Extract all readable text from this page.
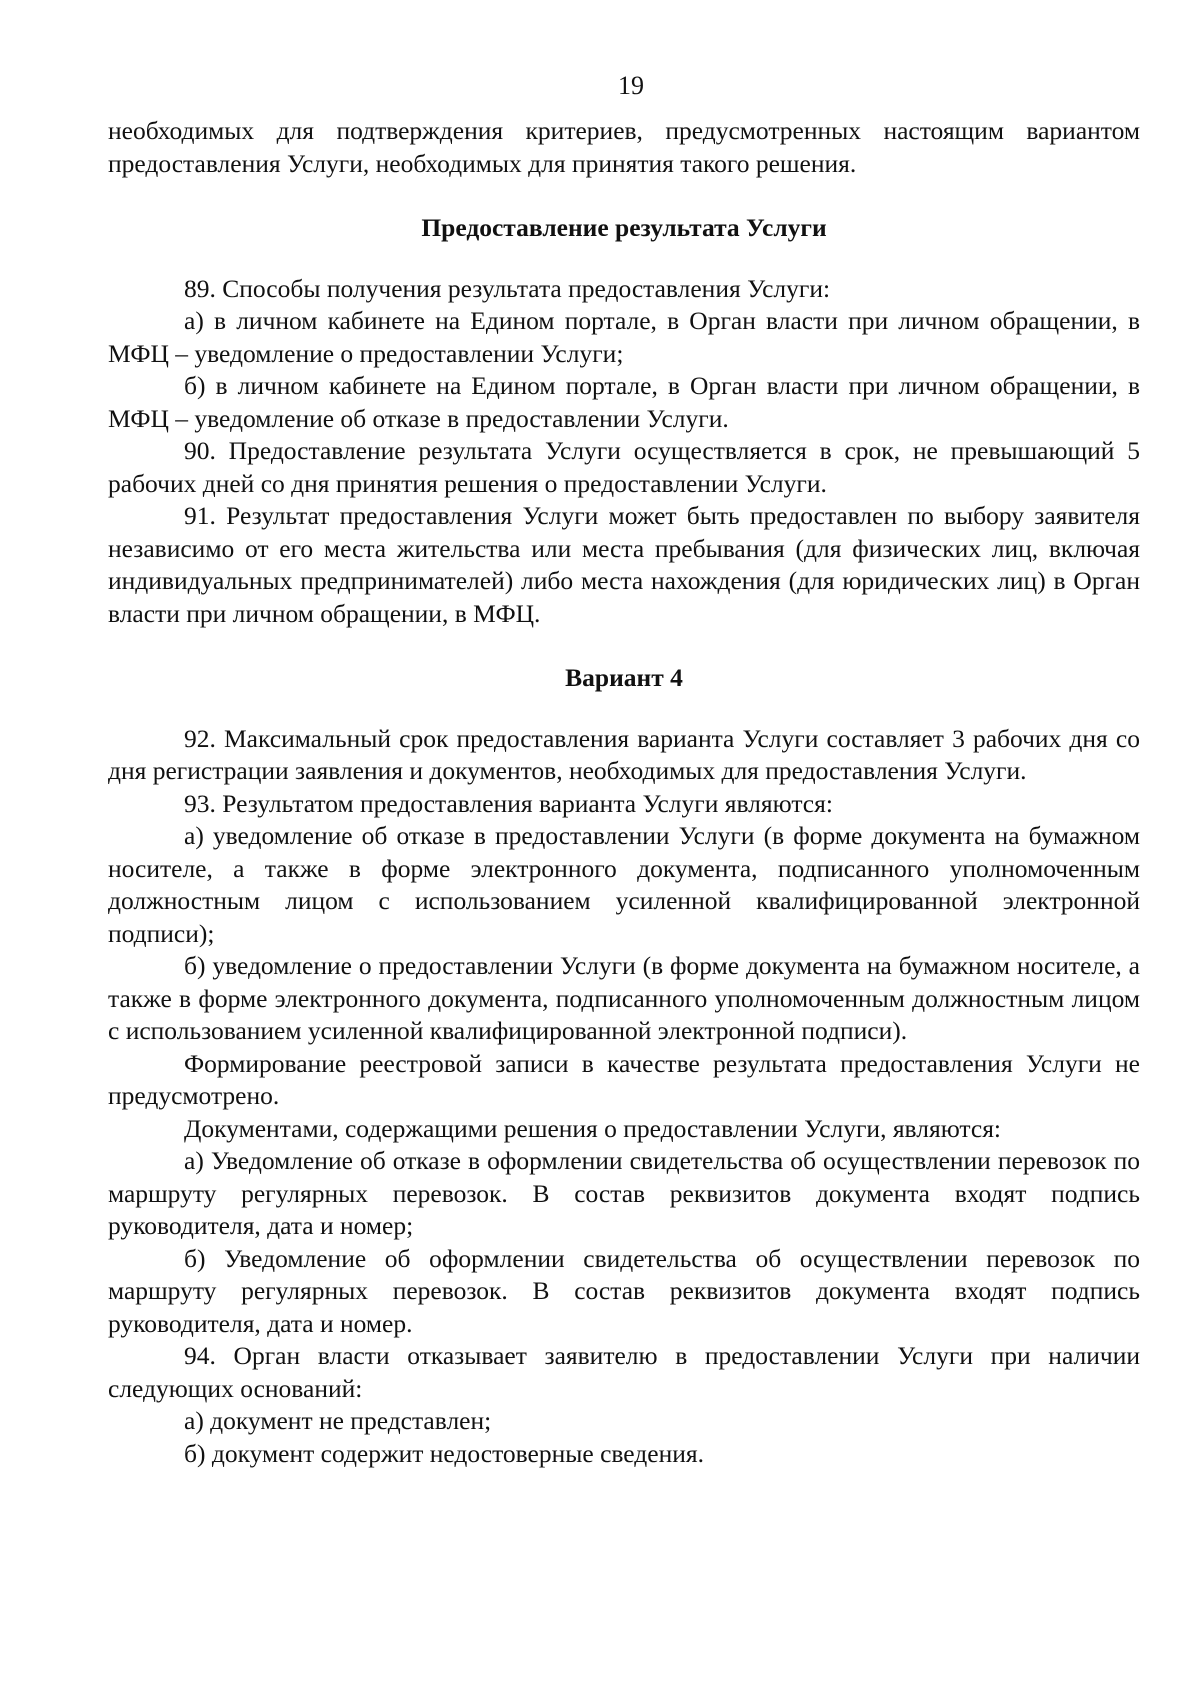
19

необходимых для подтверждения критериев, предусмотренных настоящим вариантом предоставления Услуги, необходимых для принятия такого решения.

Предоставление результата Услуги

89. Способы получения результата предоставления Услуги:

а) в личном кабинете на Едином портале, в Орган власти при личном обращении, в МФЦ – уведомление о предоставлении Услуги;

б) в личном кабинете на Едином портале, в Орган власти при личном обращении, в МФЦ – уведомление об отказе в предоставлении Услуги.

90. Предоставление результата Услуги осуществляется в срок, не превышающий 5 рабочих дней со дня принятия решения о предоставлении Услуги.

91. Результат предоставления Услуги может быть предоставлен по выбору заявителя независимо от его места жительства или места пребывания (для физических лиц, включая индивидуальных предпринимателей) либо места нахождения (для юридических лиц) в Орган власти при личном обращении, в МФЦ.

Вариант 4

92. Максимальный срок предоставления варианта Услуги составляет 3 рабочих дня со дня регистрации заявления и документов, необходимых для предоставления Услуги.

93. Результатом предоставления варианта Услуги являются:

а) уведомление об отказе в предоставлении Услуги (в форме документа на бумажном носителе, а также в форме электронного документа, подписанного уполномоченным должностным лицом с использованием усиленной квалифицированной электронной подписи);

б) уведомление о предоставлении Услуги (в форме документа на бумажном носителе, а также в форме электронного документа, подписанного уполномоченным должностным лицом с использованием усиленной квалифицированной электронной подписи).

Формирование реестровой записи в качестве результата предоставления Услуги не предусмотрено.

Документами, содержащими решения о предоставлении Услуги, являются:

а) Уведомление об отказе в оформлении свидетельства об осуществлении перевозок по маршруту регулярных перевозок. В состав реквизитов документа входят подпись руководителя, дата и номер;

б) Уведомление об оформлении свидетельства об осуществлении перевозок по маршруту регулярных перевозок. В состав реквизитов документа входят подпись руководителя, дата и номер.

94. Орган власти отказывает заявителю в предоставлении Услуги при наличии следующих оснований:

а) документ не представлен;

б) документ содержит недостоверные сведения.
